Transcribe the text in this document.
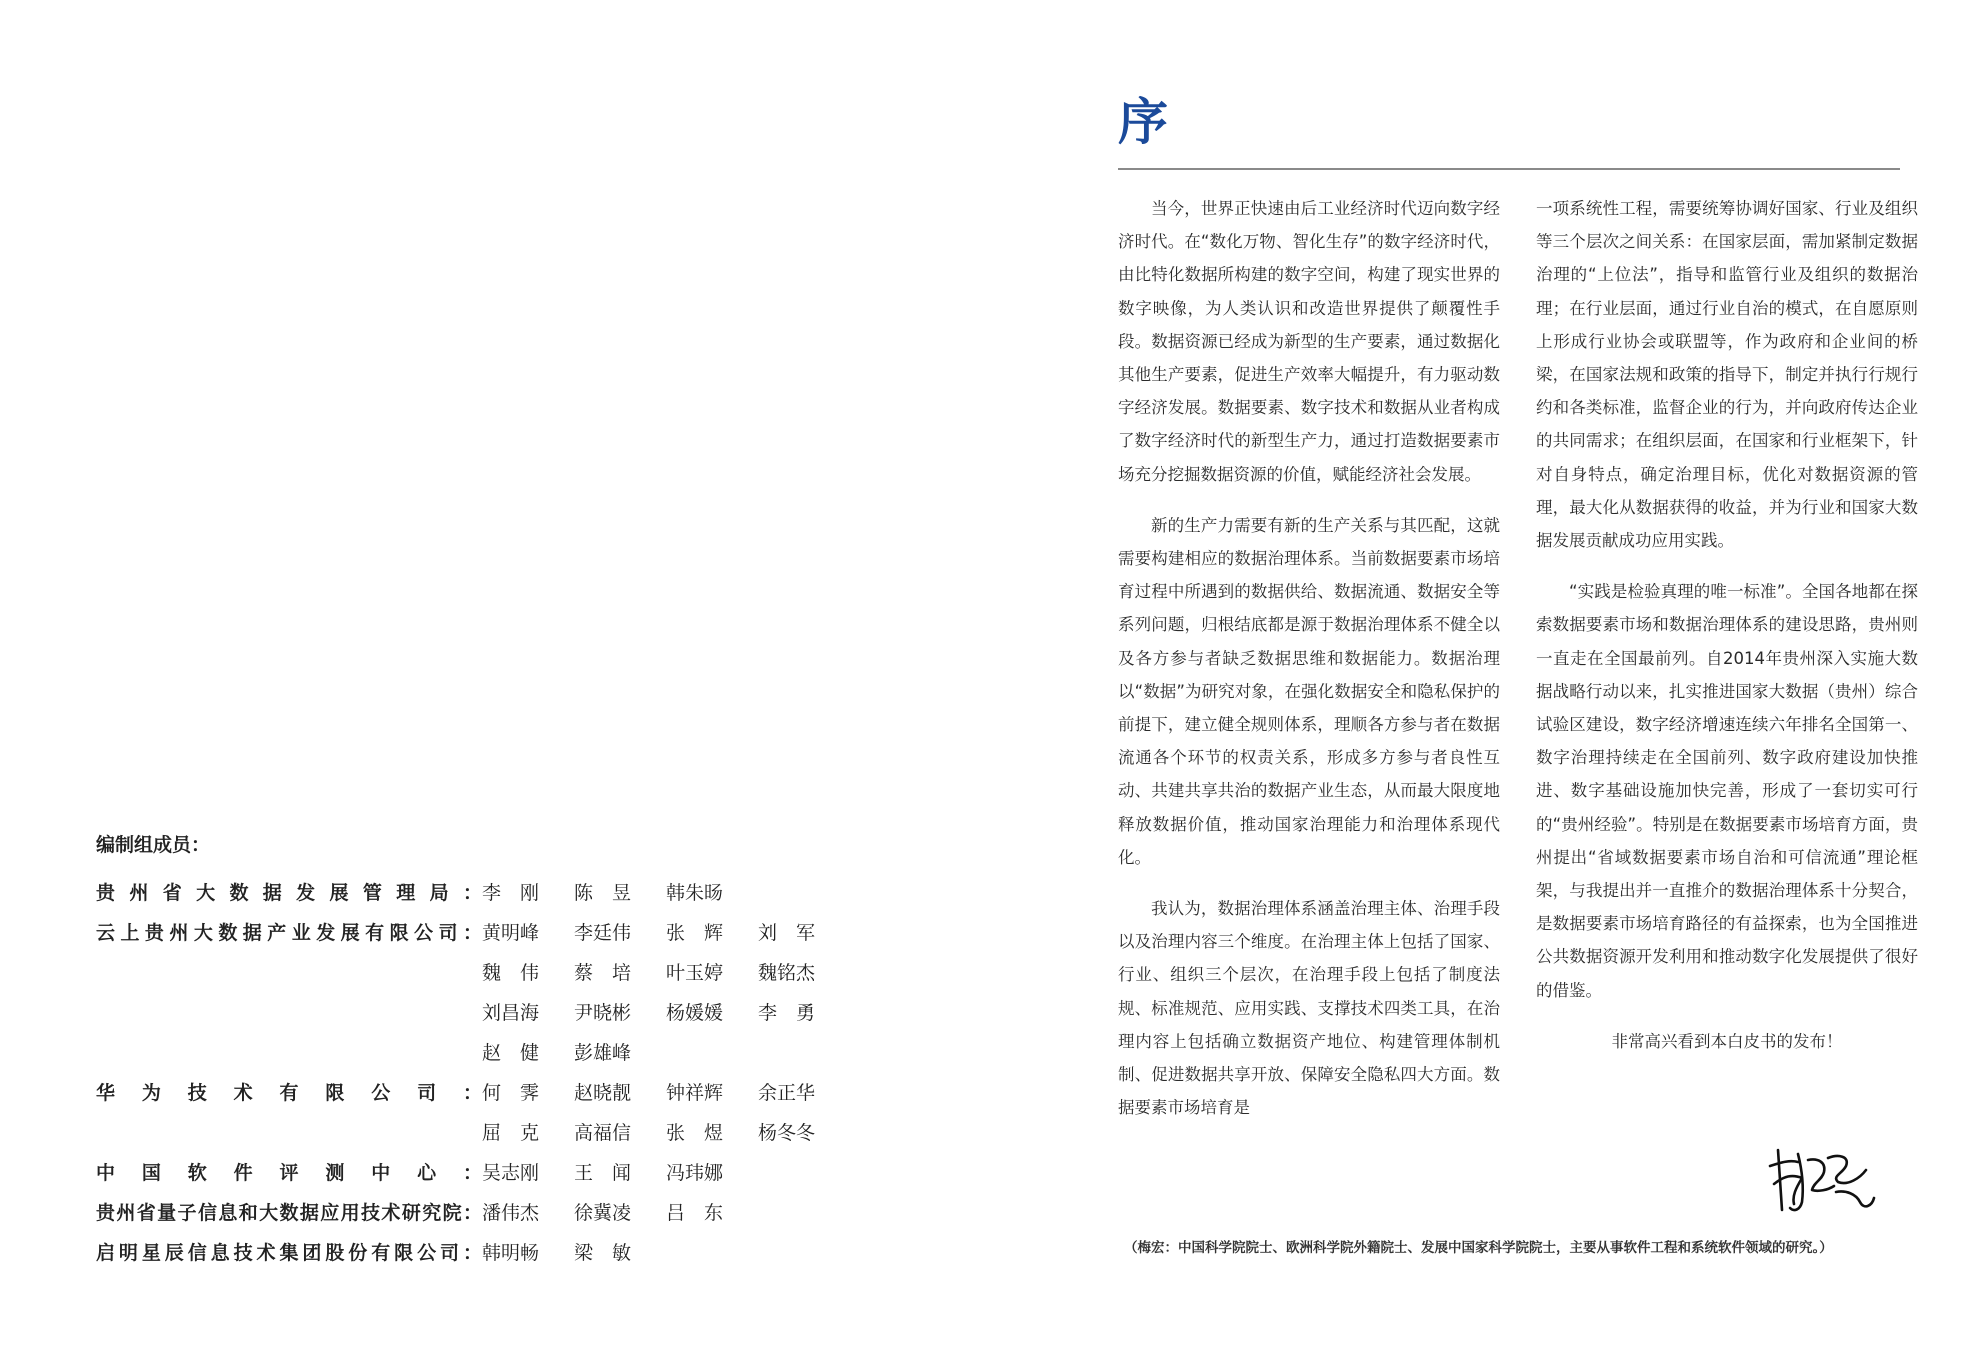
编制组成员：
贵州省大数据发展管理局： 李　刚	陈　昱	韩朱旸
云上贵州大数据产业发展有限公司： 黄明峰	李廷伟	张　辉	刘　军
魏　伟	蔡　培	叶玉婷	魏铭杰
刘昌海	尹晓彬	杨媛媛	李　勇
赵　健	彭雄峰
华为技术有限公司： 何　霁	赵晓靓	钟祥辉	余正华
屈　克	高福信	张　煜	杨冬冬
中国软件评测中心： 吴志刚	王　闻	冯玮娜
贵州省量子信息和大数据应用技术研究院： 潘伟杰	徐冀凌	吕　东
启明星辰信息技术集团股份有限公司： 韩明畅	梁　敏
序

当今，世界正快速由后工业经济时代迈向数字经济时代。在“数化万物、智化生存”的数字经济时代，由比特化数据所构建的数字空间，构建了现实世界的数字映像，为人类认识和改造世界提供了颠覆性手段。数据资源已经成为新型的生产要素，通过数据化其他生产要素，促进生产效率大幅提升，有力驱动数字经济发展。数据要素、数字技术和数据从业者构成了数字经济时代的新型生产力，通过打造数据要素市场充分挖掘数据资源的价值，赋能经济社会发展。

新的生产力需要有新的生产关系与其匹配，这就需要构建相应的数据治理体系。当前数据要素市场培育过程中所遇到的数据供给、数据流通、数据安全等系列问题，归根结底都是源于数据治理体系不健全以及各方参与者缺乏数据思维和数据能力。数据治理以“数据”为研究对象，在强化数据安全和隐私保护的前提下，建立健全规则体系，理顺各方参与者在数据流通各个环节的权责关系，形成多方参与者良性互动、共建共享共治的数据产业生态，从而最大限度地释放数据价值，推动国家治理能力和治理体系现代化。

我认为，数据治理体系涵盖治理主体、治理手段以及治理内容三个维度。在治理主体上包括了国家、行业、组织三个层次，在治理手段上包括了制度法规、标准规范、应用实践、支撑技术四类工具，在治理内容上包括确立数据资产地位、构建管理体制机制、促进数据共享开放、保障安全隐私四大方面。数据要素市场培育是

一项系统性工程，需要统筹协调好国家、行业及组织等三个层次之间关系：在国家层面，需加紧制定数据治理的“上位法”，指导和监管行业及组织的数据治理；在行业层面，通过行业自治的模式，在自愿原则上形成行业协会或联盟等，作为政府和企业间的桥梁，在国家法规和政策的指导下，制定并执行行规行约和各类标准，监督企业的行为，并向政府传达企业的共同需求；在组织层面，在国家和行业框架下，针对自身特点，确定治理目标，优化对数据资源的管理，最大化从数据获得的收益，并为行业和国家大数据发展贡献成功应用实践。

“实践是检验真理的唯一标准”。全国各地都在探索数据要素市场和数据治理体系的建设思路，贵州则一直走在全国最前列。自2014年贵州深入实施大数据战略行动以来，扎实推进国家大数据（贵州）综合试验区建设，数字经济增速连续六年排名全国第一、数字治理持续走在全国前列、数字政府建设加快推进、数字基础设施加快完善，形成了一套切实可行的“贵州经验”。特别是在数据要素市场培育方面，贵州提出“省域数据要素市场自治和可信流通”理论框架，与我提出并一直推介的数据治理体系十分契合，是数据要素市场培育路径的有益探索，也为全国推进公共数据资源开发利用和推动数字化发展提供了很好的借鉴。

非常高兴看到本白皮书的发布！

（梅宏：中国科学院院士、欧洲科学院外籍院士、发展中国家科学院院士，主要从事软件工程和系统软件领域的研究。）
